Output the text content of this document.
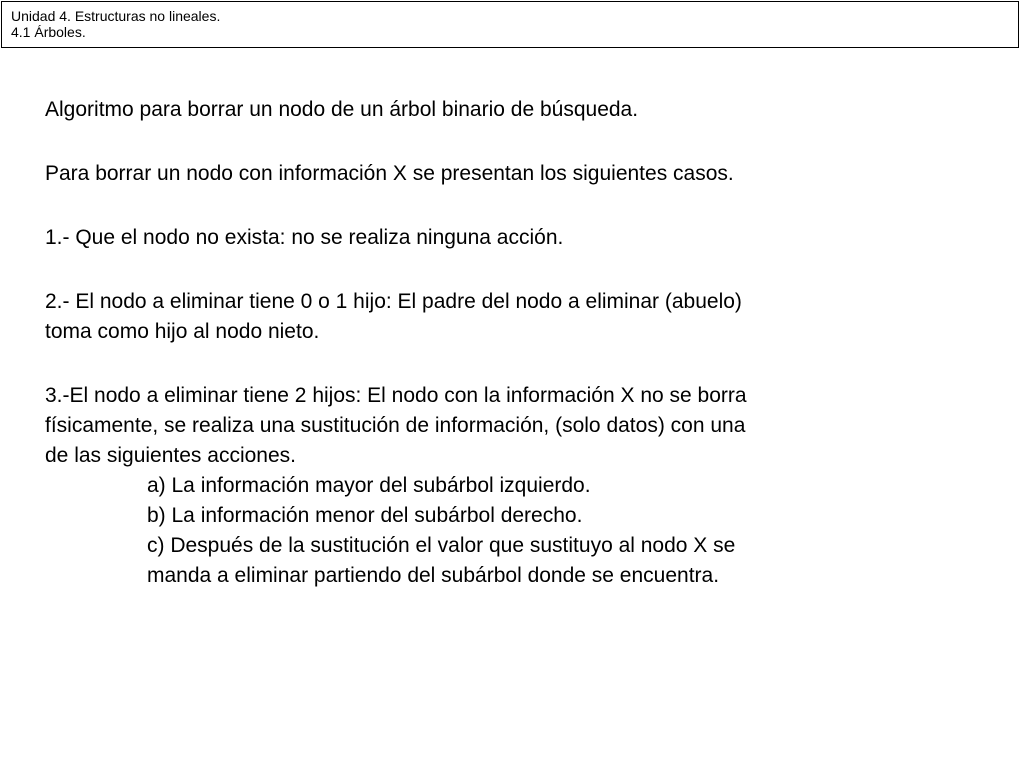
Unidad 4. Estructuras no lineales.
4.1 Árboles.

Algoritmo para borrar un nodo de un árbol binario de búsqueda.

Para borrar un nodo con información X se presentan los siguientes casos.

1.- Que el nodo no exista: no se realiza ninguna acción.

2.- El nodo a eliminar tiene 0 o 1 hijo: El padre del nodo a eliminar (abuelo)

toma como hijo al nodo nieto.

3.-El nodo a eliminar tiene 2 hijos: El nodo con la información X no se borra

físicamente, se realiza una sustitución de información, (solo datos) con una

de las siguientes acciones.

a) La información mayor del subárbol izquierdo.

b) La información menor del subárbol derecho.

c) Después de la sustitución el valor que sustituyo al nodo X se

manda a eliminar partiendo del subárbol donde se encuentra.
